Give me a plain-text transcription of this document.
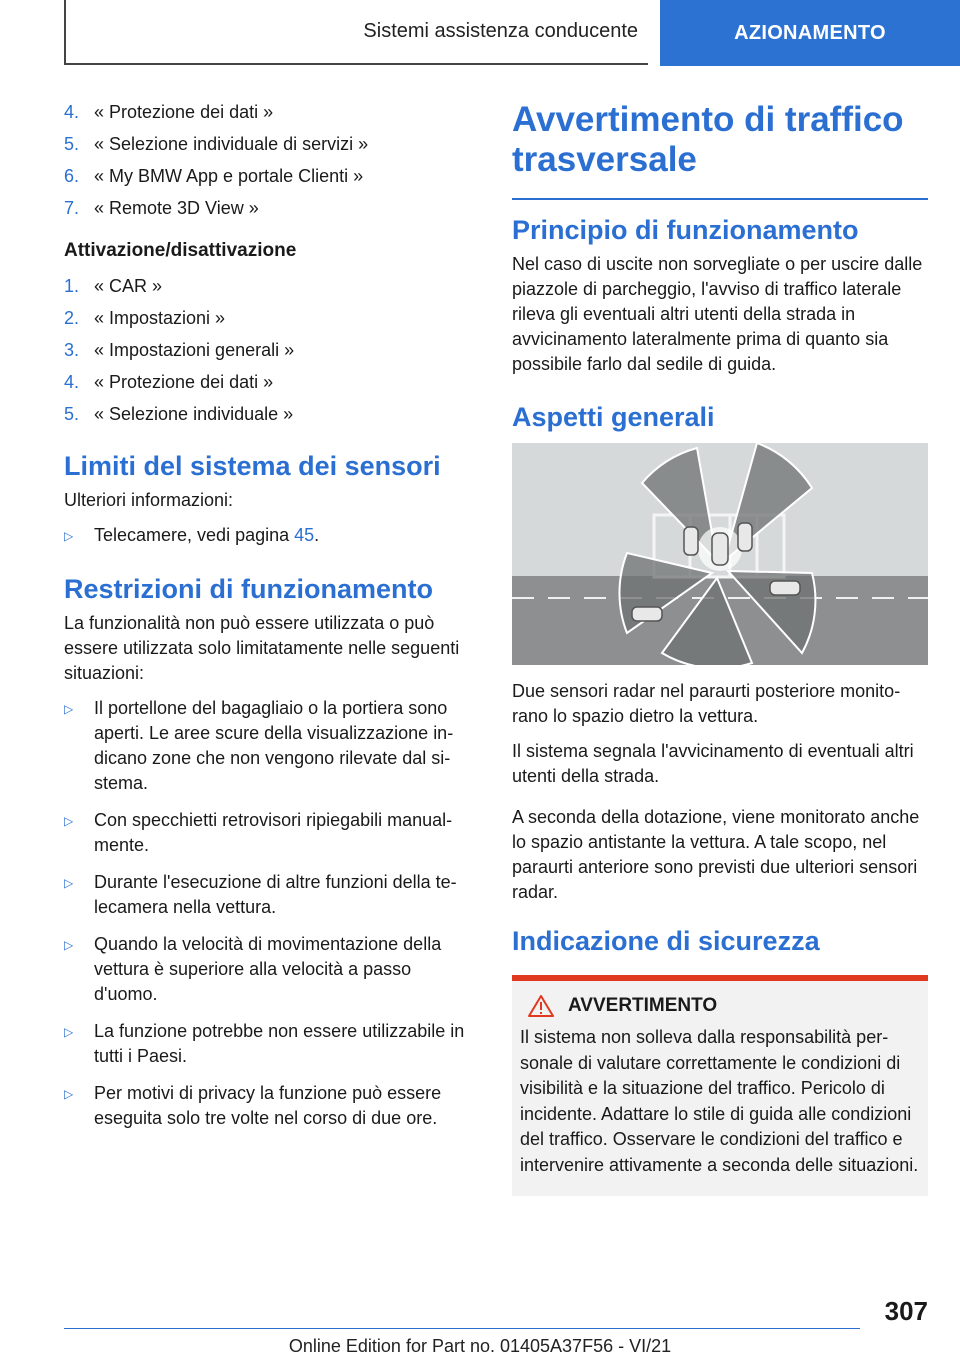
Sistemi assistenza conducente	AZIONAMENTO
4. « Protezione dei dati »
5. « Selezione individuale di servizi »
6. « My BMW App e portale Clienti »
7. « Remote 3D View »
Attivazione/disattivazione
1. « CAR »
2. « Impostazioni »
3. « Impostazioni generali »
4. « Protezione dei dati »
5. « Selezione individuale »
Limiti del sistema dei sensori

Ulteriori informazioni:

▷	Telecamere, vedi pagina 45.
Restrizioni di funzionamento

La funzionalità non può essere utilizzata o può essere utilizzata solo limitatamente nelle seguenti situazioni:

▷	Il portellone del bagagliaio o la portiera sono aperti. Le aree scure della visualizzazione indicano zone che non vengono rilevate dal sistema.
▷	Con specchietti retrovisori ripiegabili manualmente.
▷	Durante l'esecuzione di altre funzioni della telecamera nella vettura.
▷	Quando la velocità di movimentazione della vettura è superiore alla velocità a passo d'uomo.
▷	La funzione potrebbe non essere utilizzabile in tutti i Paesi.
▷	Per motivi di privacy la funzione può essere eseguita solo tre volte nel corso di due ore.
Avvertimento di traffico trasversale
Principio di funzionamento

Nel caso di uscite non sorvegliate o per uscire dalle piazzole di parcheggio, l'avviso di traffico laterale rileva gli eventuali altri utenti della strada in avvicinamento lateralmente prima di quanto sia possibile farlo dal sedile di guida.

Aspetti generali

Due sensori radar nel paraurti posteriore monitorano lo spazio dietro la vettura.

Il sistema segnala l'avvicinamento di eventuali altri utenti della strada.

A seconda della dotazione, viene monitorato anche lo spazio antistante la vettura. A tale scopo, nel paraurti anteriore sono previsti due ulteriori sensori radar.

Indicazione di sicurezza
AVVERTIMENTO
Il sistema non solleva dalla responsabilità personale di valutare correttamente le condizioni di visibilità e la situazione del traffico. Pericolo di incidente. Adattare lo stile di guida alle condizioni del traffico. Osservare le condizioni del traffico e intervenire attivamente a seconda delle situazioni.
307
Online Edition for Part no. 01405A37F56 - VI/21
